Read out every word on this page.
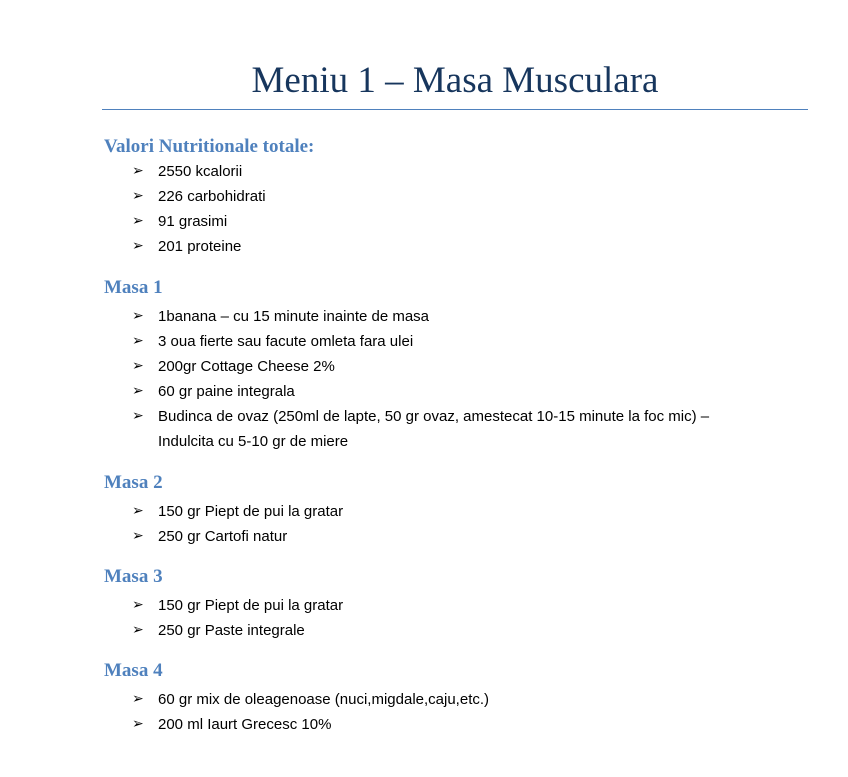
Meniu 1 – Masa Musculara
Valori Nutritionale totale:
➢ 2550 kcalorii
➢ 226 carbohidrati
➢ 91 grasimi
➢ 201 proteine
Masa 1
➢ 1banana – cu 15 minute inainte de masa
➢ 3 oua fierte sau facute omleta fara ulei
➢ 200gr Cottage Cheese 2%
➢ 60 gr paine integrala
➢ Budinca de ovaz (250ml de lapte, 50 gr ovaz, amestecat 10-15 minute la foc mic) –
Indulcita cu 5-10 gr de miere
Masa 2
➢ 150 gr Piept de pui la gratar
➢ 250 gr Cartofi natur
Masa 3
➢ 150 gr Piept de pui la gratar
➢ 250 gr Paste integrale
Masa 4
➢ 60 gr mix de oleagenoase (nuci,migdale,caju,etc.)
➢ 200 ml Iaurt Grecesc 10%
